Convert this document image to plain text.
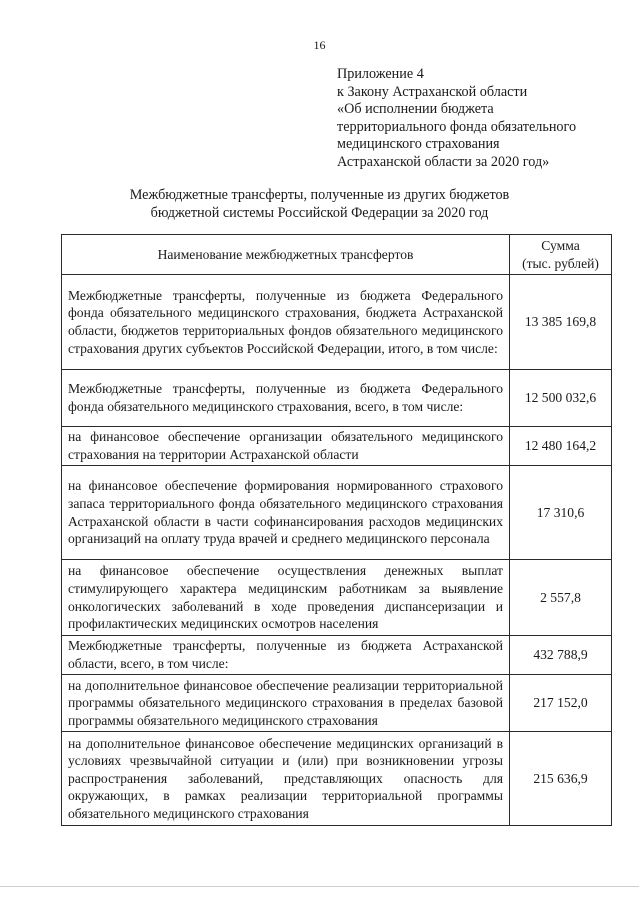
16
Приложение 4
к Закону Астраханской области
«Об исполнении бюджета
территориального фонда обязательного
медицинского страхования
Астраханской области за 2020 год»
Межбюджетные трансферты, полученные из других бюджетов
бюджетной системы Российской Федерации за 2020 год
Наименование межбюджетных трансфертов	Сумма
(тыс. рублей)

Межбюджетные трансферты, полученные из бюджета Федерального фонда обязательного медицинского страхования, бюджета Астраханской области, бюджетов территориальных фондов обязательного медицинского страхования других субъектов Российской Федерации, итого, в том числе:	13 385 169,8
Межбюджетные трансферты, полученные из бюджета Федерального фонда обязательного медицинского страхования, всего, в том числе:	12 500 032,6
на финансовое обеспечение организации обязательного медицинского страхования на территории Астраханской области	12 480 164,2
на финансовое обеспечение формирования нормированного страхового запаса территориального фонда обязательного медицинского страхования Астраханской области в части софинансирования расходов медицинских организаций на оплату труда врачей и среднего медицинского персонала	17 310,6
на финансовое обеспечение осуществления денежных выплат стимулирующего характера медицинским работникам за выявление онкологических заболеваний в ходе проведения диспансеризации и профилактических медицинских осмотров населения	2 557,8
Межбюджетные трансферты, полученные из бюджета Астраханской области, всего, в том числе:	432 788,9
на дополнительное финансовое обеспечение реализации территориальной программы обязательного медицинского страхования в пределах базовой программы обязательного медицинского страхования	217 152,0
на дополнительное финансовое обеспечение медицинских организаций в условиях чрезвычайной ситуации и (или) при возникновении угрозы распространения заболеваний, представляющих опасность для окружающих, в рамках реализации территориальной программы обязательного медицинского страхования	215 636,9
